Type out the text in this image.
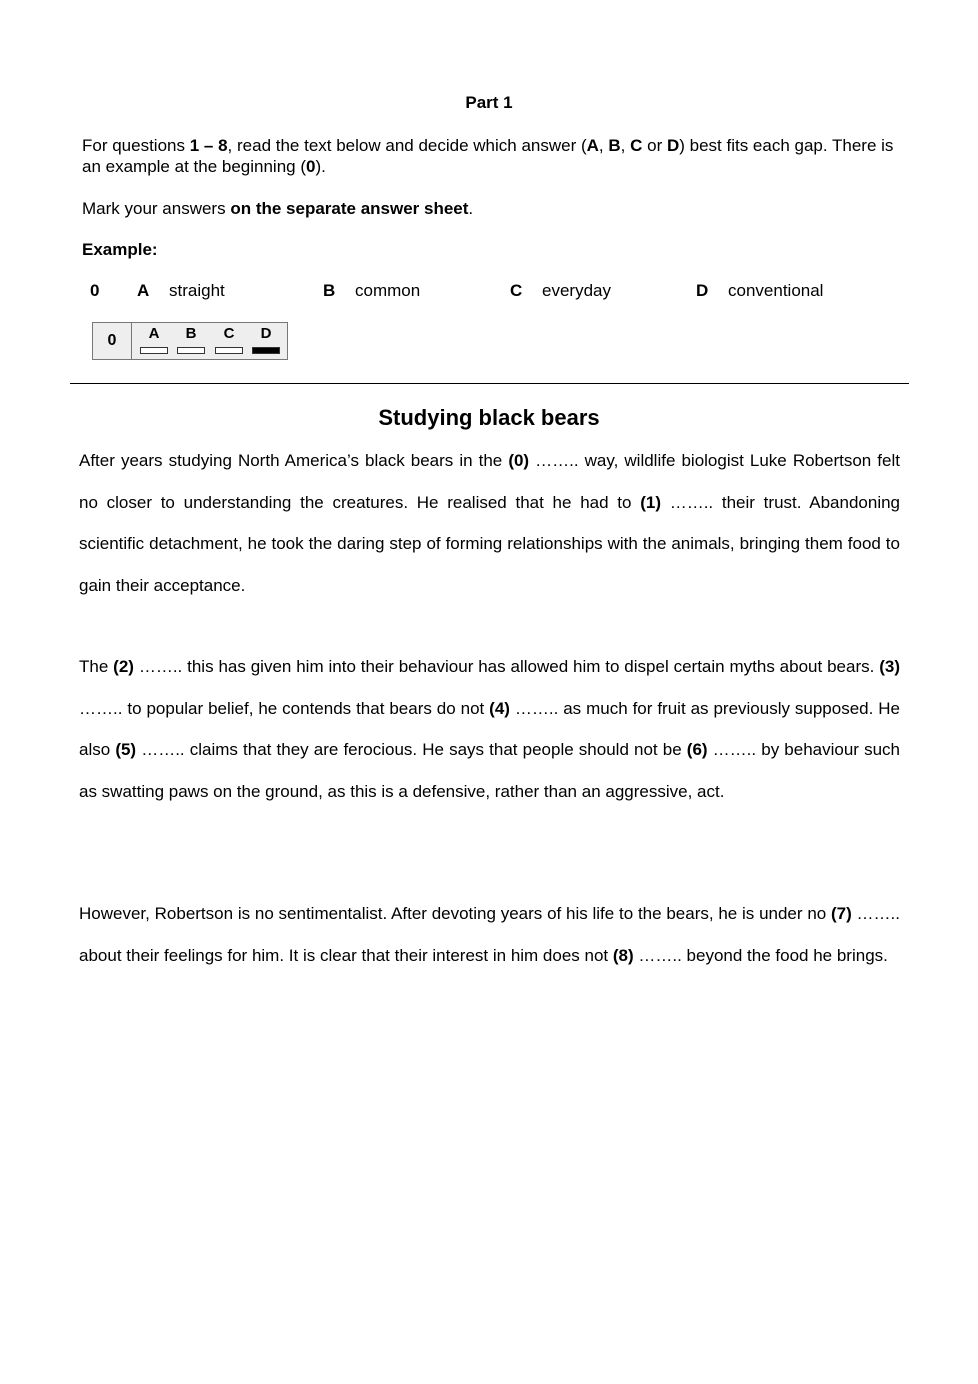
Part 1
For questions 1 – 8, read the text below and decide which answer (A, B, C or D) best fits each gap. There is an example at the beginning (0).
Mark your answers on the separate answer sheet.
Example:
0 A straight	B common	C everyday	D conventional
0	A	B	C	D
Studying black bears
After years studying North America’s black bears in the (0) …….. way, wildlife biologist Luke Robertson felt no closer to understanding the creatures. He realised that he had to (1) …….. their trust. Abandoning scientific detachment, he took the daring step of forming relationships with the animals, bringing them food to gain their acceptance.
The (2) …….. this has given him into their behaviour has allowed him to dispel certain myths about bears. (3) …….. to popular belief, he contends that bears do not (4) …….. as much for fruit as previously supposed. He also (5) …….. claims that they are ferocious. He says that people should not be (6) …….. by behaviour such as swatting paws on the ground, as this is a defensive, rather than an aggressive, act.
However, Robertson is no sentimentalist. After devoting years of his life to the bears, he is under no (7) …….. about their feelings for him. It is clear that their interest in him does not (8) …….. beyond the food he brings.
